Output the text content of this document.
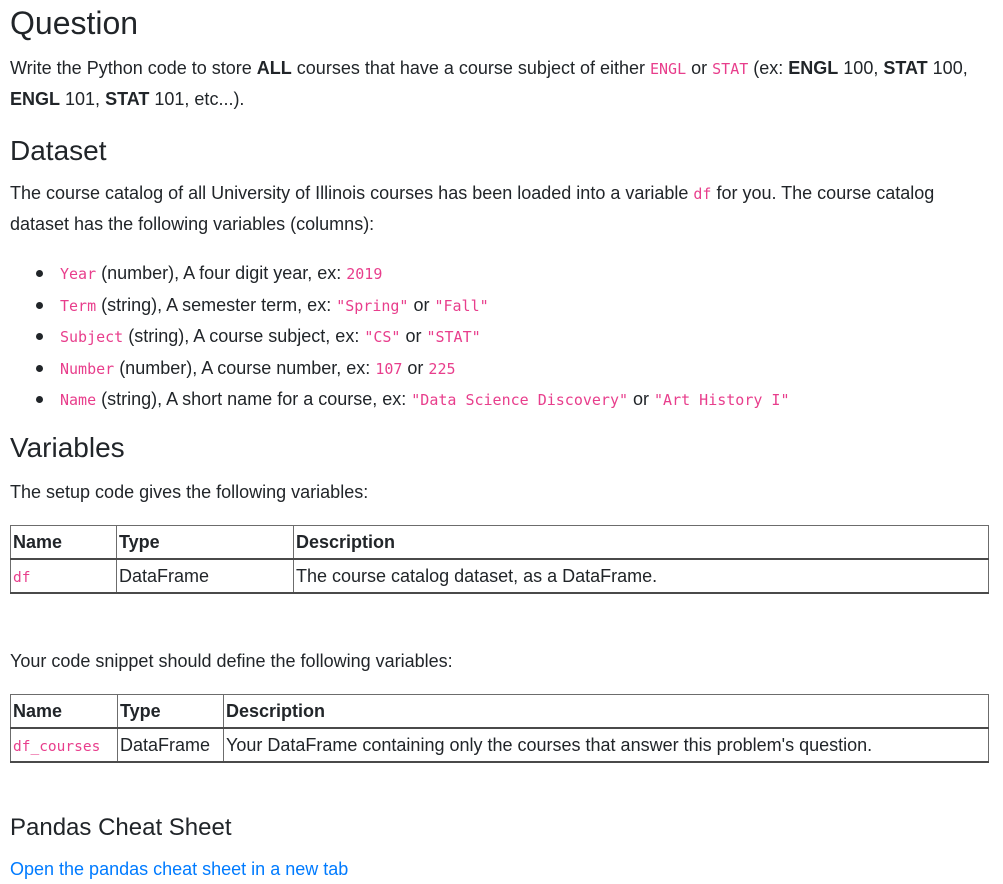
Question

Write the Python code to store ALL courses that have a course subject of either ENGL or STAT (ex: ENGL 100, STAT 100, ENGL 101, STAT 101, etc...).

Dataset

The course catalog of all University of Illinois courses has been loaded into a variable df for you. The course catalog dataset has the following variables (columns):

Year (number), A four digit year, ex: 2019
Term (string), A semester term, ex: "Spring" or "Fall"
Subject (string), A course subject, ex: "CS" or "STAT"
Number (number), A course number, ex: 107 or 225
Name (string), A short name for a course, ex: "Data Science Discovery" or "Art History I"
Variables

The setup code gives the following variables:

Name	Type	Description
df	DataFrame	The course catalog dataset, as a DataFrame.

Your code snippet should define the following variables:

Name	Type	Description
df_courses	DataFrame	Your DataFrame containing only the courses that answer this problem's question.
Pandas Cheat Sheet
Open the pandas cheat sheet in a new tab
